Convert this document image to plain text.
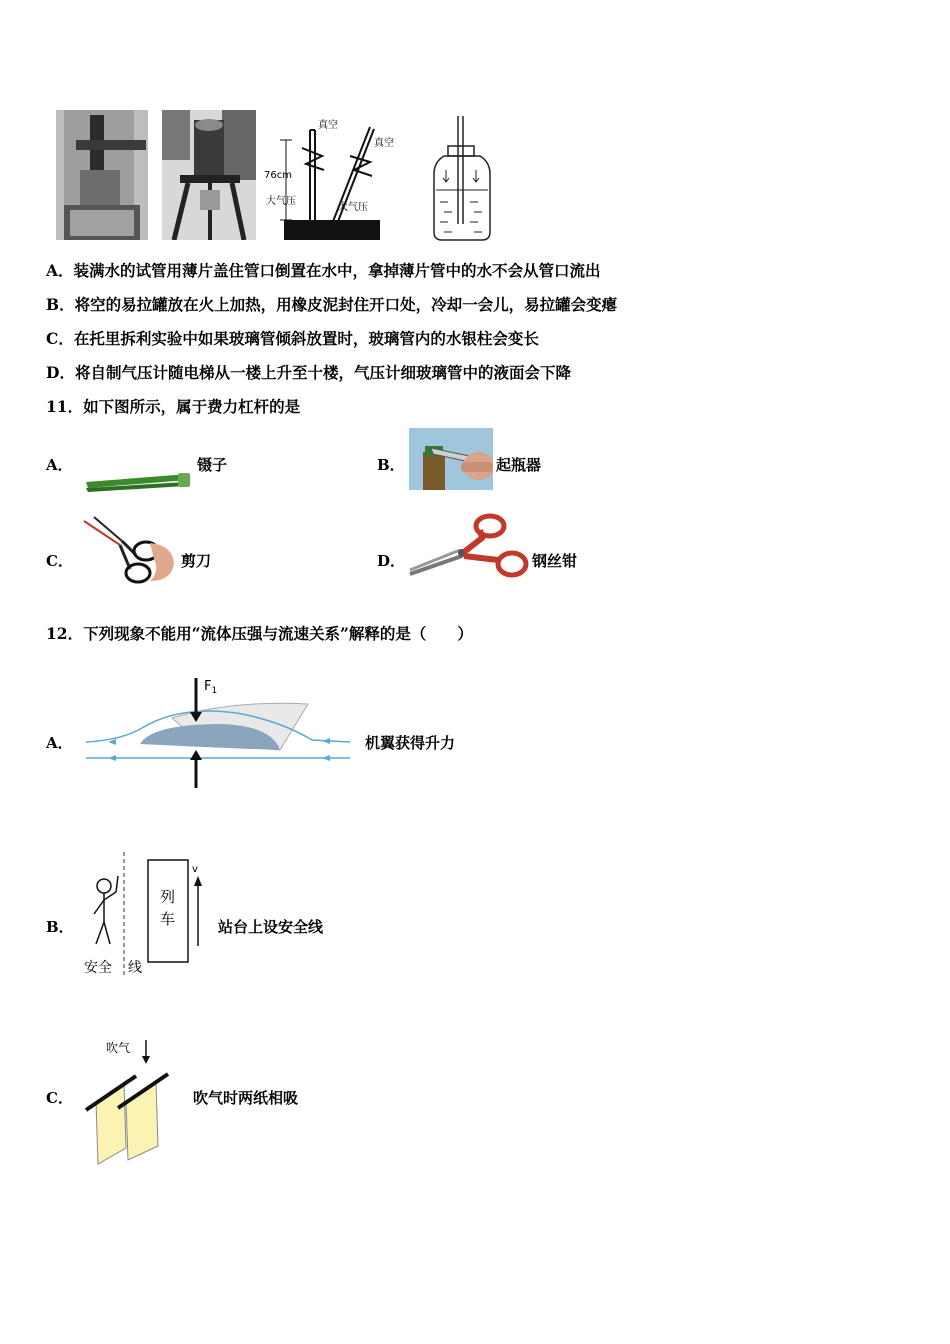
76cm
真空
真空
大气压
大气压
A．装满水的试管用薄片盖住管口倒置在水中，拿掉薄片管中的水不会从管口流出
B．将空的易拉罐放在火上加热，用橡皮泥封住开口处，冷却一会儿，易拉罐会变瘪
C．在托里拆利实验中如果玻璃管倾斜放置时，玻璃管内的水银柱会变长
D．将自制气压计随电梯从一楼上升至十楼，气压计细玻璃管中的液面会下降
11．如下图所示，属于费力杠杆的是
A．	镊子	B．	起瓶器
C．	剪刀	D．	钢丝钳
12．下列现象不能用“流体压强与流速关系”解释的是（　　）
A．
$F_1$
机翼获得升力
B．
列
车
v
安全 线
站台上设安全线
C．
吹气
吹气时两纸相吸
